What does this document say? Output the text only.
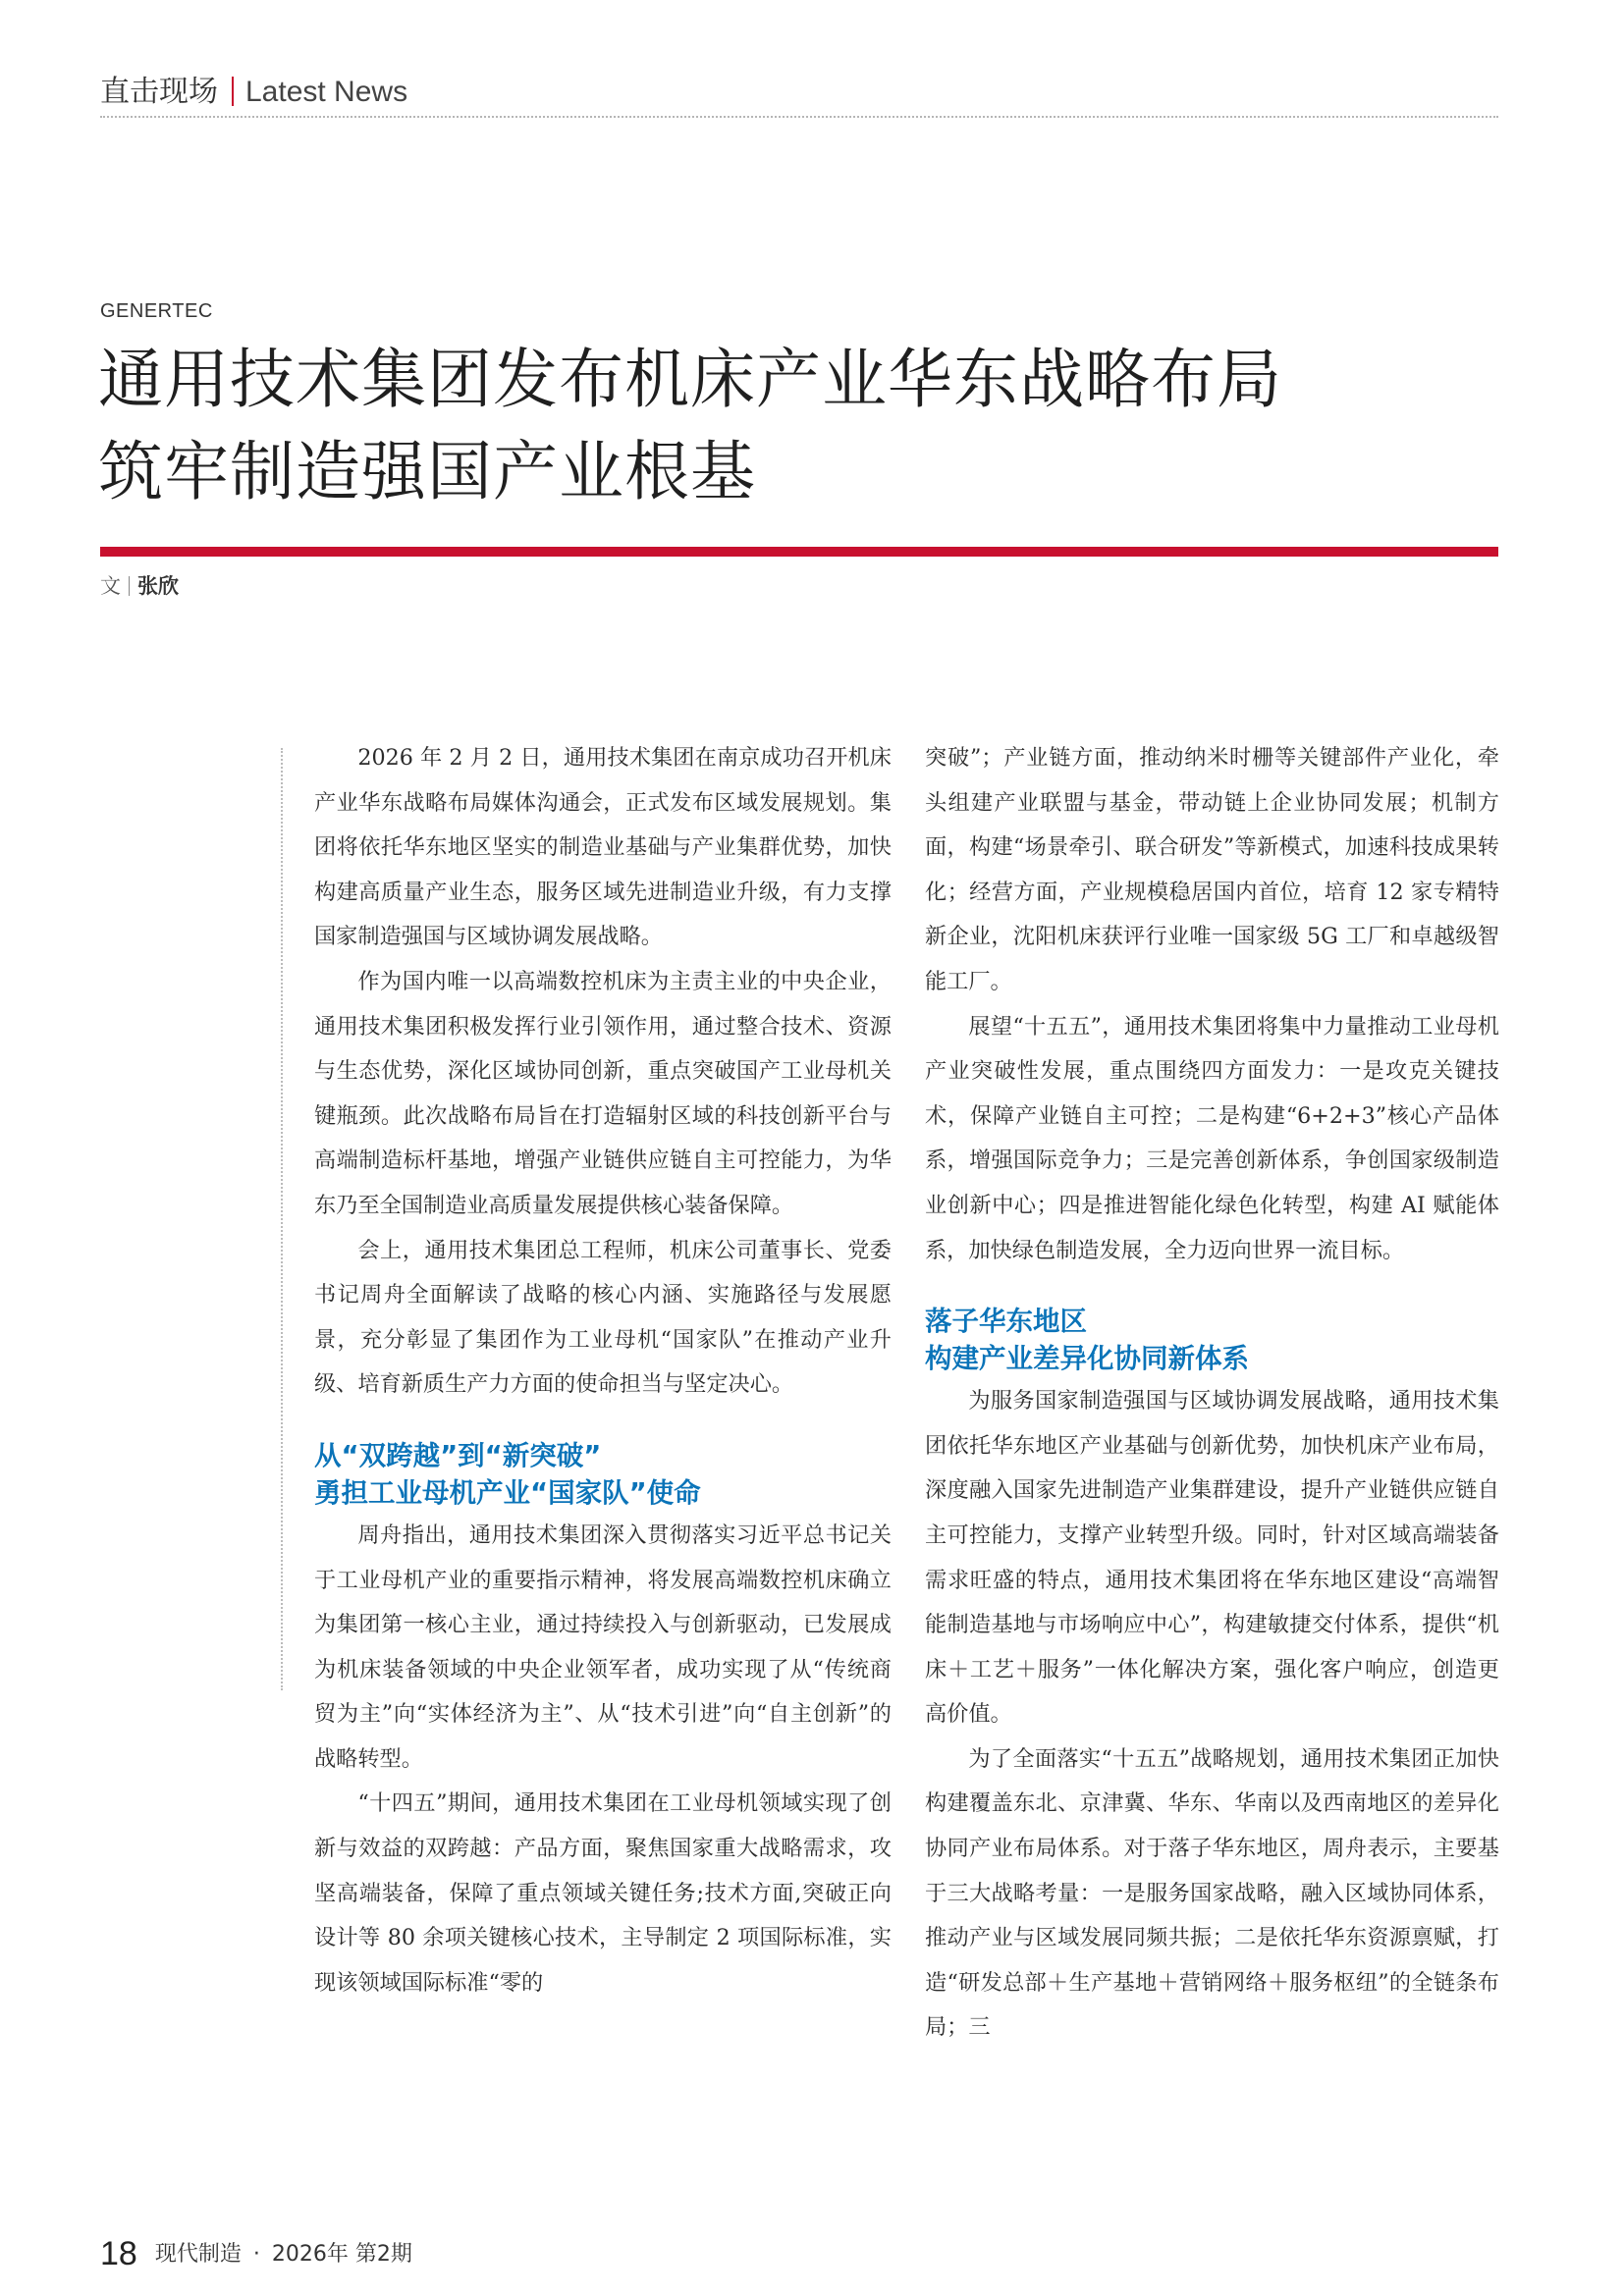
直击现场 Latest News
GENERTEC
通用技术集团发布机床产业华东战略布局
筑牢制造强国产业根基
文 张欣

2026 年 2 月 2 日，通用技术集团在南京成功召开机床产业华东战略布局媒体沟通会，正式发布区域发展规划。集团将依托华东地区坚实的制造业基础与产业集群优势，加快构建高质量产业生态，服务区域先进制造业升级，有力支撑国家制造强国与区域协调发展战略。

作为国内唯一以高端数控机床为主责主业的中央企业，通用技术集团积极发挥行业引领作用，通过整合技术、资源与生态优势，深化区域协同创新，重点突破国产工业母机关键瓶颈。此次战略布局旨在打造辐射区域的科技创新平台与高端制造标杆基地，增强产业链供应链自主可控能力，为华东乃至全国制造业高质量发展提供核心装备保障。

会上，通用技术集团总工程师，机床公司董事长、党委书记周舟全面解读了战略的核心内涵、实施路径与发展愿景，充分彰显了集团作为工业母机“国家队”在推动产业升级、培育新质生产力方面的使命担当与坚定决心。

从“双跨越”到“新突破”
勇担工业母机产业“国家队”使命

周舟指出，通用技术集团深入贯彻落实习近平总书记关于工业母机产业的重要指示精神，将发展高端数控机床确立为集团第一核心主业，通过持续投入与创新驱动，已发展成为机床装备领域的中央企业领军者，成功实现了从“传统商贸为主”向“实体经济为主”、从“技术引进”向“自主创新”的战略转型。

“十四五”期间，通用技术集团在工业母机领域实现了创新与效益的双跨越：产品方面，聚焦国家重大战略需求，攻坚高端装备，保障了重点领域关键任务;技术方面,突破正向设计等 80 余项关键核心技术，主导制定 2 项国际标准，实现该领域国际标准“零的

突破”；产业链方面，推动纳米时栅等关键部件产业化，牵头组建产业联盟与基金，带动链上企业协同发展；机制方面，构建“场景牵引、联合研发”等新模式，加速科技成果转化；经营方面，产业规模稳居国内首位，培育 12 家专精特新企业，沈阳机床获评行业唯一国家级 5G 工厂和卓越级智能工厂。

展望“十五五”，通用技术集团将集中力量推动工业母机产业突破性发展，重点围绕四方面发力：一是攻克关键技术，保障产业链自主可控；二是构建“6+2+3”核心产品体系，增强国际竞争力；三是完善创新体系，争创国家级制造业创新中心；四是推进智能化绿色化转型，构建 AI 赋能体系，加快绿色制造发展，全力迈向世界一流目标。

落子华东地区
构建产业差异化协同新体系

为服务国家制造强国与区域协调发展战略，通用技术集团依托华东地区产业基础与创新优势，加快机床产业布局，深度融入国家先进制造产业集群建设，提升产业链供应链自主可控能力，支撑产业转型升级。同时，针对区域高端装备需求旺盛的特点，通用技术集团将在华东地区建设“高端智能制造基地与市场响应中心”，构建敏捷交付体系，提供“机床＋工艺＋服务”一体化解决方案，强化客户响应，创造更高价值。

为了全面落实“十五五”战略规划，通用技术集团正加快构建覆盖东北、京津冀、华东、华南以及西南地区的差异化协同产业布局体系。对于落子华东地区，周舟表示，主要基于三大战略考量：一是服务国家战略，融入区域协同体系，推动产业与区域发展同频共振；二是依托华东资源禀赋，打造“研发总部＋生产基地＋营销网络＋服务枢纽”的全链条布局；三

18 现代制造 · 2026年 第2期
